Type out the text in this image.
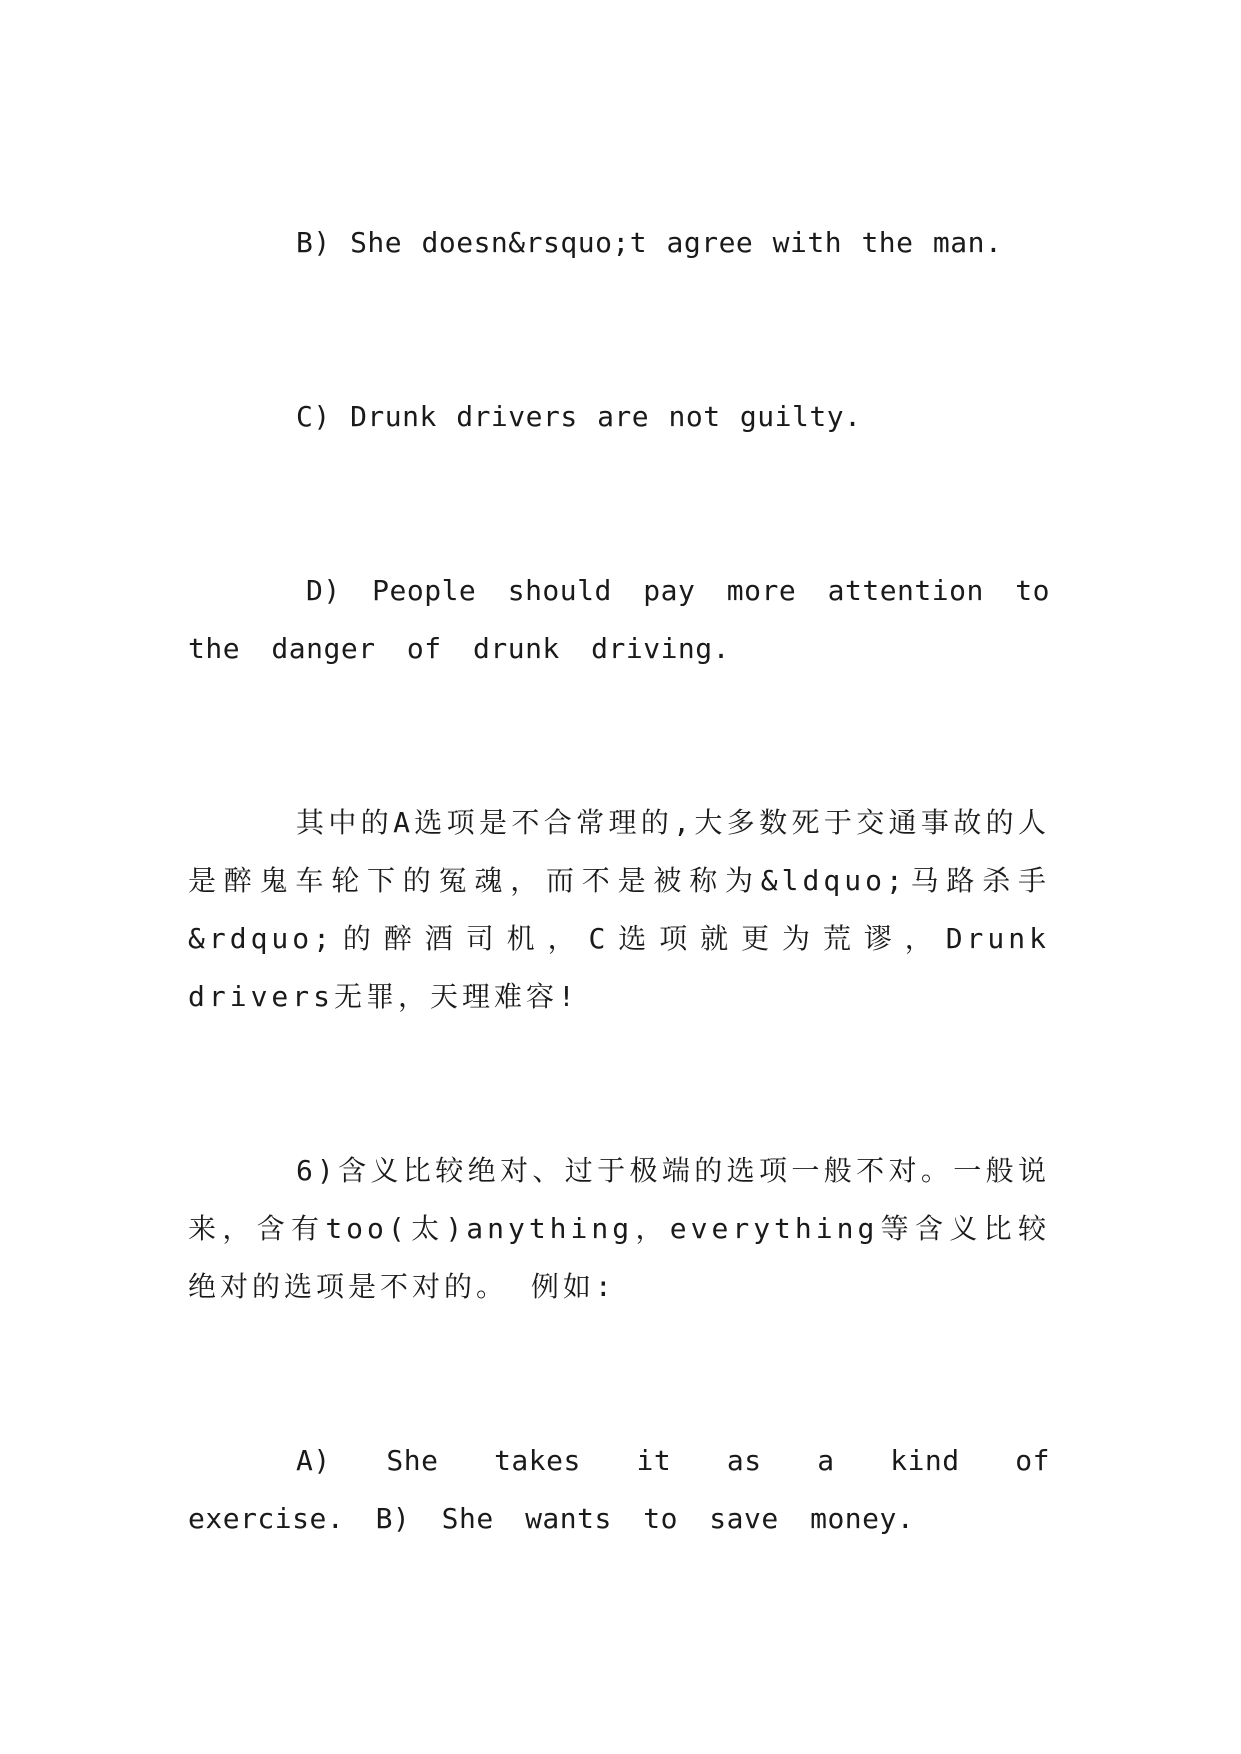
B) She doesn&rsquo;t agree with the man.

C) Drunk drivers are not guilty.

D) People should pay more attention to the danger of drunk driving.

其中的A选项是不合常理的,大多数死于交通事故的人是醉鬼车轮下的冤魂，而不是被称为&ldquo;马路杀手&rdquo;的醉酒司机，C选项就更为荒谬，Drunk drivers无罪，天理难容!

6)含义比较绝对、过于极端的选项一般不对。一般说来，含有too(太)anything，everything等含义比较绝对的选项是不对的。 例如:

A) She takes it as a kind of exercise. B) She wants to save money.
